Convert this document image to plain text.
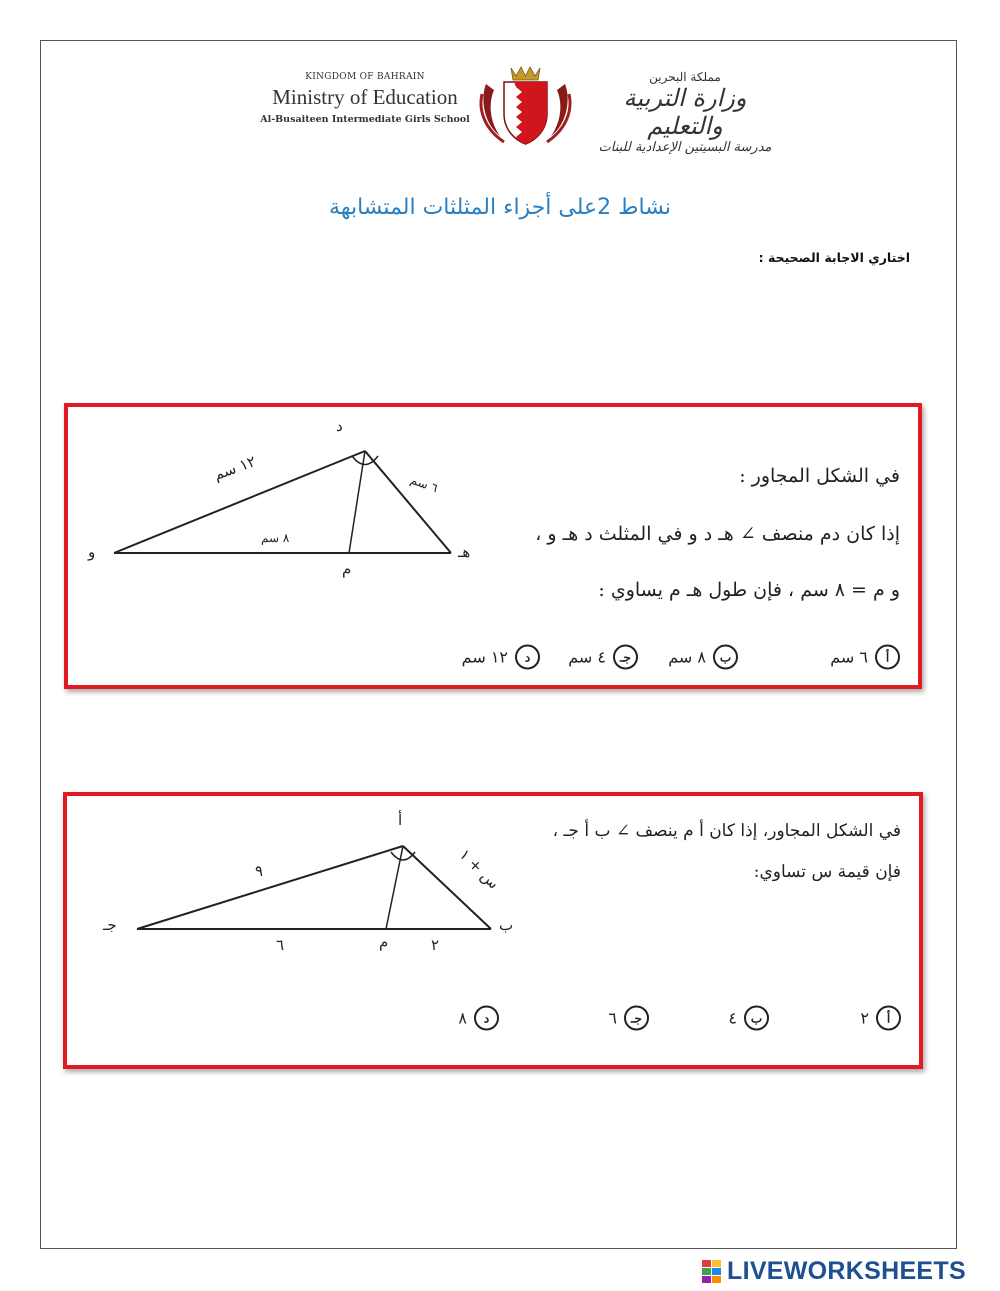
KINGDOM OF BAHRAIN
Ministry of Education
Al-Busaiteen Intermediate Girls School
مملكة البحرين
وزارة التربية والتعليم
مدرسة البسيتين الإعدادية للبنات
نشاط 2على أجزاء المثلثات المتشابهة
اختاري الاجابة الصحيحة :
د
و	هـ
م
١٢ سم
٦ سم
٨ سم
في الشكل المجاور :
إذا كان دم منصف ∠ هـ د و في المثلث د هـ و ،
و م = ٨ سم ، فإن طول هـ م يساوي :
أ
٦ سم
ب
٨ سم
جـ
٤ سم
د
١٢ سم
أ
جـ	ب
م
٩
س + ١
٦	٢
في الشكل المجاور، إذا كان أ م ينصف ∠ ب أ جـ ،
فإن قيمة س تساوي:
أ
٢
ب
٤
جـ
٦
د
٨
LIVEWORKSHEETS
